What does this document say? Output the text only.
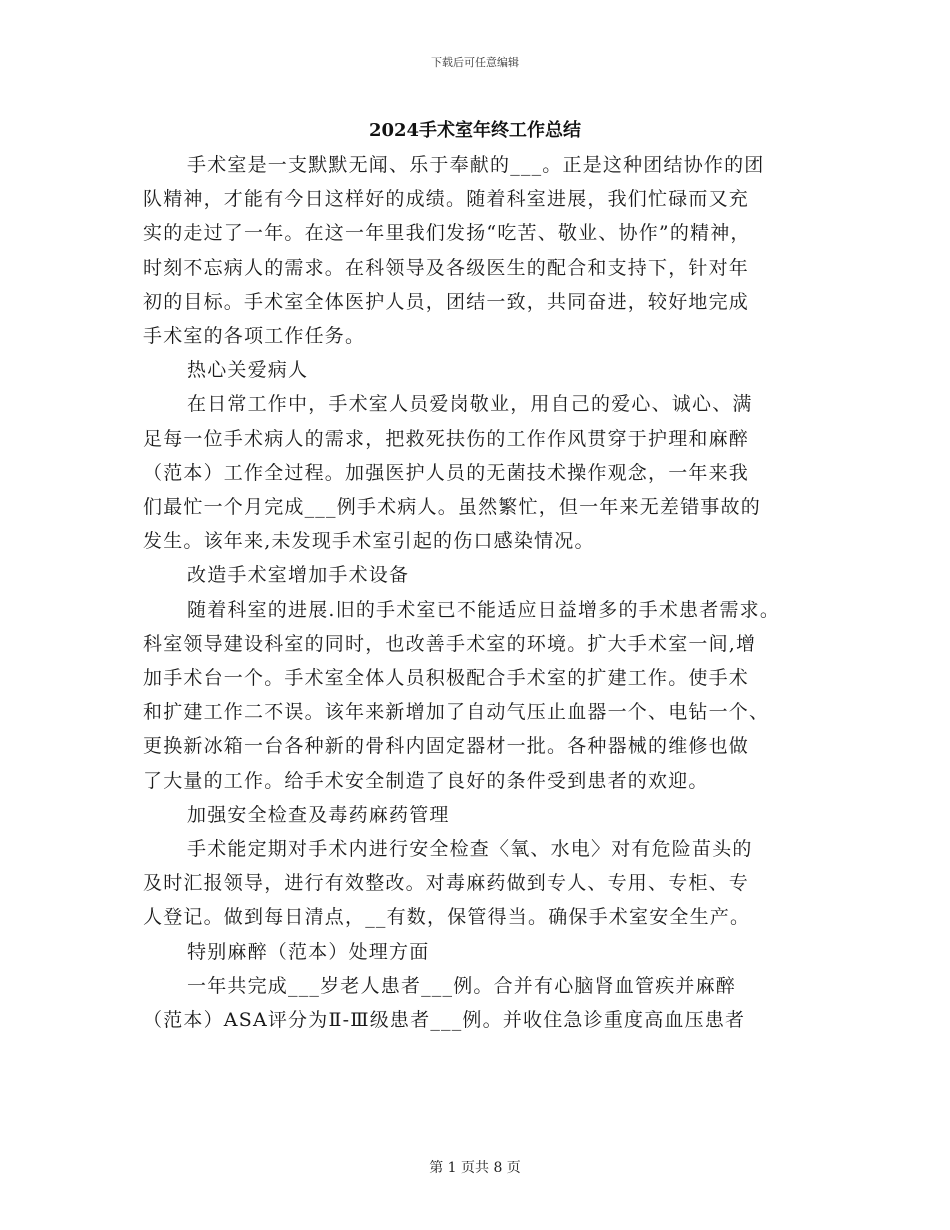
下载后可任意编辑
2024手术室年终工作总结

手术室是一支默默无闻、乐于奉献的___。正是这种团结协作的团
队精神，才能有今日这样好的成绩。随着科室进展，我们忙碌而又充
实的走过了一年。在这一年里我们发扬“吃苦、敬业、协作”的精神，
时刻不忘病人的需求。在科领导及各级医生的配合和支持下，针对年
初的目标。手术室全体医护人员，团结一致，共同奋进，较好地完成
手术室的各项工作任务。

热心关爱病人

在日常工作中，手术室人员爱岗敬业，用自己的爱心、诚心、满
足每一位手术病人的需求，把救死扶伤的工作作风贯穿于护理和麻醉
（范本）工作全过程。加强医护人员的无菌技术操作观念，一年来我
们最忙一个月完成___例手术病人。虽然繁忙，但一年来无差错事故的
发生。该年来,未发现手术室引起的伤口感染情况。

改造手术室增加手术设备

随着科室的进展.旧的手术室已不能适应日益增多的手术患者需求。
科室领导建设科室的同时，也改善手术室的环境。扩大手术室一间,增
加手术台一个。手术室全体人员积极配合手术室的扩建工作。使手术
和扩建工作二不误。该年来新增加了自动气压止血器一个、电钻一个、
更换新冰箱一台各种新的骨科内固定器材一批。各种器械的维修也做
了大量的工作。给手术安全制造了良好的条件受到患者的欢迎。

加强安全检查及毒药麻药管理

手术能定期对手术内进行安全检查〈氧、水电〉对有危险苗头的
及时汇报领导，进行有效整改。对毒麻药做到专人、专用、专柜、专
人登记。做到每日清点，__有数，保管得当。确保手术室安全生产。

特别麻醉（范本）处理方面

一年共完成___岁老人患者___例。合并有心脑肾血管疾并麻醉
（范本）ASA评分为Ⅱ-Ⅲ级患者___例。并收住急诊重度高血压患者

第 1 页共 8 页
